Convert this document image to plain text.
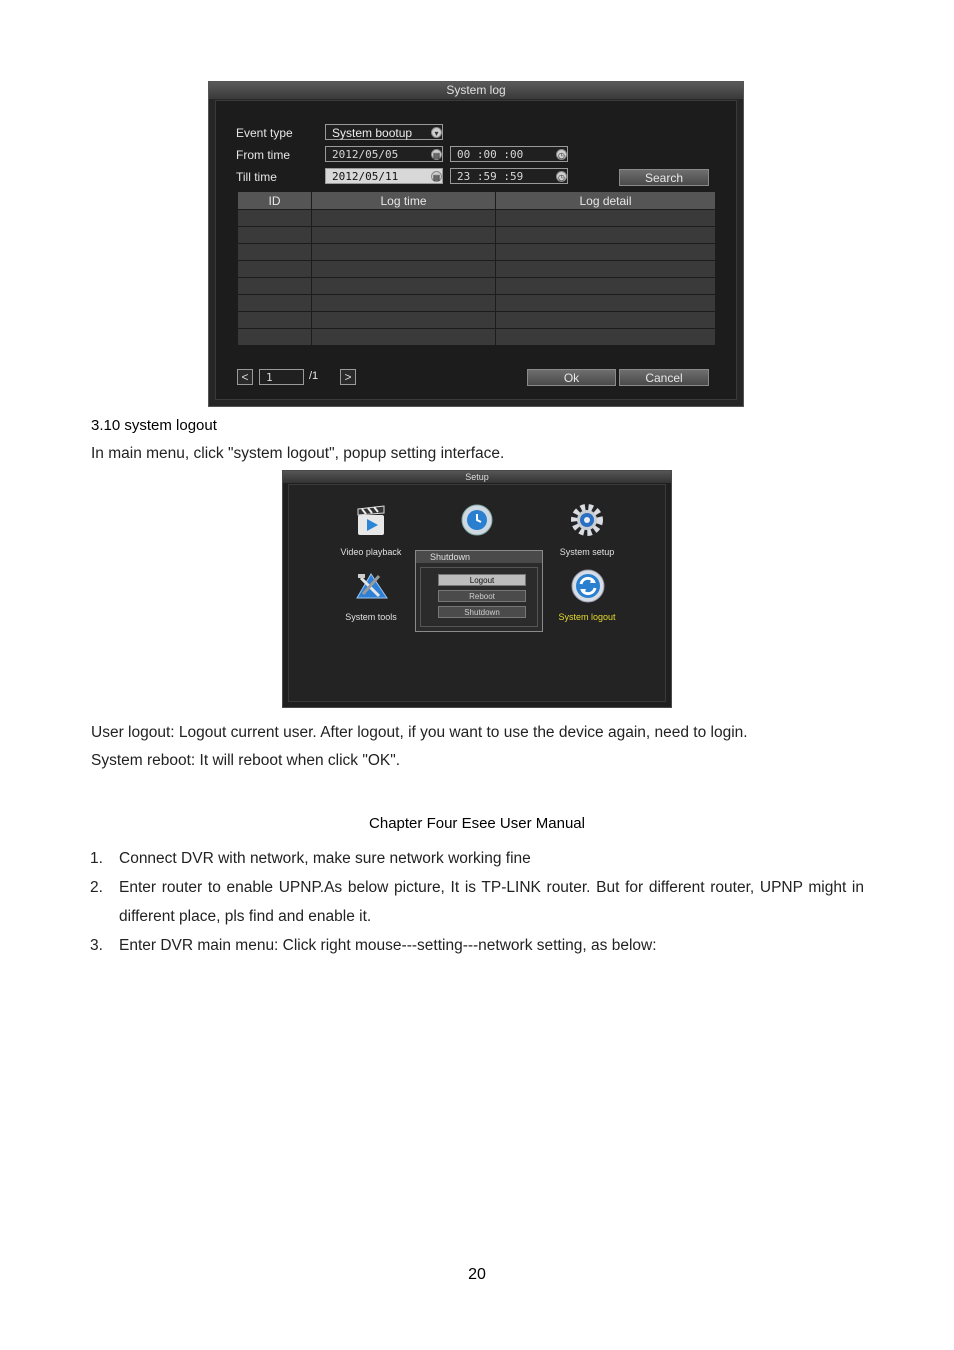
System log
Event type	System bootup	▾
From time	2012/05/05	▦	00 :00 :00	◷
Till time	2012/05/11	▦	23 :59 :59	◷	Search
ID	Log time	Log detail

<	1	/1	>	Ok	Cancel
3.10 system logout
In main menu, click "system logout", popup setting interface.
Setup
Video playback	System setup
System tools	System logout
Shutdown
Logout
Reboot
Shutdown
User logout: Logout current user. After logout, if you want to use the device again, need to login.
System reboot: It will reboot when click "OK".
Chapter Four Esee User Manual
1. Connect DVR with network, make sure network working fine
2. Enter router to enable UPNP.As below picture, It is TP-LINK router. But for different router, UPNP might in different place, pls find and enable it.
3. Enter DVR main menu: Click right mouse---setting---network setting, as below:
20
